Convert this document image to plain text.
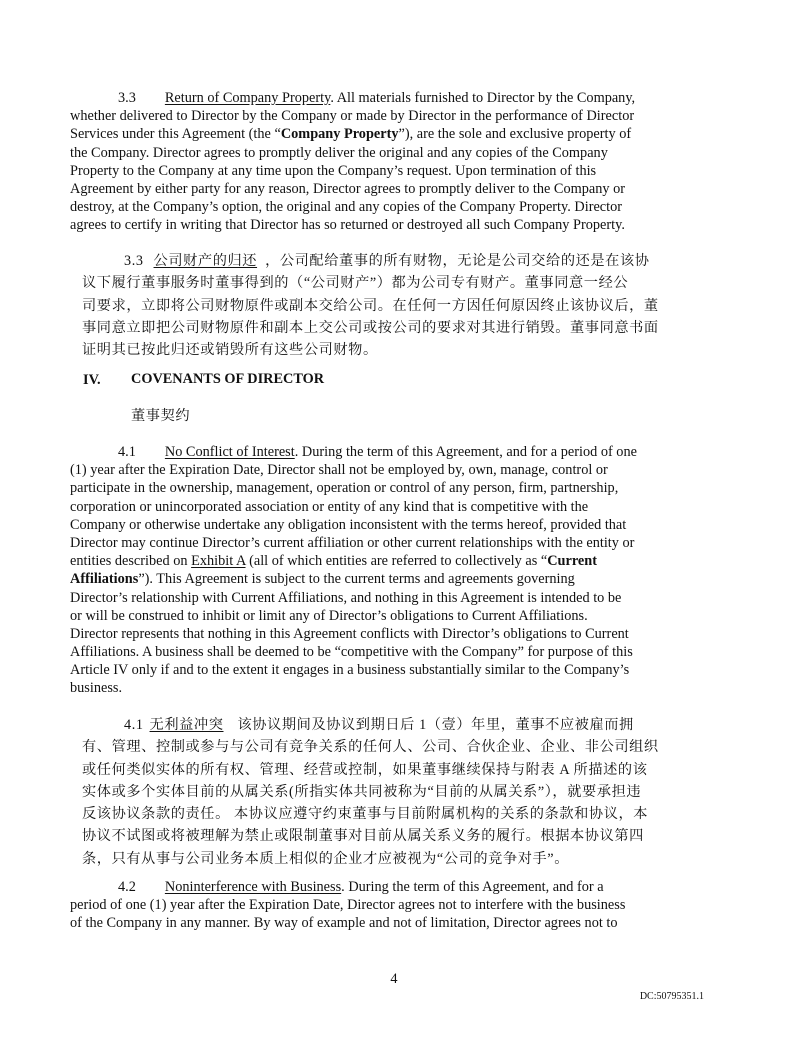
3.3 Return of Company Property. All materials furnished to Director by the Company,
whether delivered to Director by the Company or made by Director in the performance of Director
Services under this Agreement (the “Company Property”), are the sole and exclusive property of
the Company. Director agrees to promptly deliver the original and any copies of the Company
Property to the Company at any time upon the Company’s request. Upon termination of this
Agreement by either party for any reason, Director agrees to promptly deliver to the Company or
destroy, at the Company’s option, the original and any copies of the Company Property. Director
agrees to certify in writing that Director has so returned or destroyed all such Company Property.
3.3 公司财产的归还 ，公司配给董事的所有财物，无论是公司交给的还是在该协
议下履行董事服务时董事得到的（“公司财产”）都为公司专有财产。董事同意一经公
司要求，立即将公司财物原件或副本交给公司。在任何一方因任何原因终止该协议后，董
事同意立即把公司财物原件和副本上交公司或按公司的要求对其进行销毁。董事同意书面
证明其已按此归还或销毁所有这些公司财物。
IV. COVENANTS OF DIRECTOR
董事契约
4.1 No Conflict of Interest. During the term of this Agreement, and for a period of one
(1) year after the Expiration Date, Director shall not be employed by, own, manage, control or
participate in the ownership, management, operation or control of any person, firm, partnership,
corporation or unincorporated association or entity of any kind that is competitive with the
Company or otherwise undertake any obligation inconsistent with the terms hereof, provided that
Director may continue Director’s current affiliation or other current relationships with the entity or
entities described on Exhibit A (all of which entities are referred to collectively as “Current
Affiliations”). This Agreement is subject to the current terms and agreements governing
Director’s relationship with Current Affiliations, and nothing in this Agreement is intended to be
or will be construed to inhibit or limit any of Director’s obligations to Current Affiliations.
Director represents that nothing in this Agreement conflicts with Director’s obligations to Current
Affiliations. A business shall be deemed to be “competitive with the Company” for purpose of this
Article IV only if and to the extent it engages in a business substantially similar to the Company’s
business.
4.1 无利益冲突 该协议期间及协议到期日后 1（壹）年里，董事不应被雇而拥
有、管理、控制或参与与公司有竞争关系的任何人、公司、合伙企业、企业、非公司组织
或任何类似实体的所有权、管理、经营或控制，如果董事继续保持与附表 A 所描述的该
实体或多个实体目前的从属关系(所指实体共同被称为“目前的从属关系”），就要承担违
反该协议条款的责任。 本协议应遵守约束董事与目前附属机构的关系的条款和协议，本
协议不试图或将被理解为禁止或限制董事对目前从属关系义务的履行。根据本协议第四
条，只有从事与公司业务本质上相似的企业才应被视为“公司的竞争对手”。
4.2 Noninterference with Business. During the term of this Agreement, and for a
period of one (1) year after the Expiration Date, Director agrees not to interfere with the business
of the Company in any manner. By way of example and not of limitation, Director agrees not to
4
DC:50795351.1
